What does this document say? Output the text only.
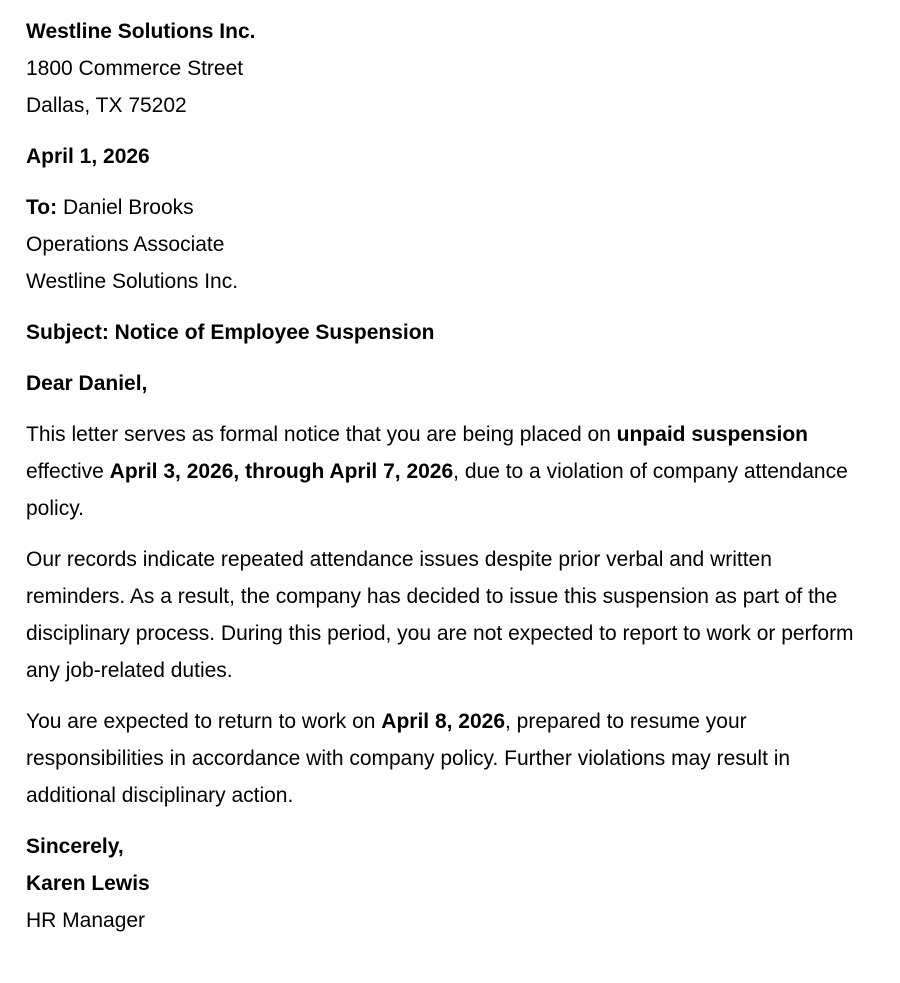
Westline Solutions Inc.
1800 Commerce Street
Dallas, TX 75202
April 1, 2026
To: Daniel Brooks
Operations Associate
Westline Solutions Inc.
Subject: Notice of Employee Suspension
Dear Daniel,

This letter serves as formal notice that you are being placed on unpaid suspension effective April 3, 2026, through April 7, 2026, due to a violation of company attendance policy.

Our records indicate repeated attendance issues despite prior verbal and written reminders. As a result, the company has decided to issue this suspension as part of the disciplinary process. During this period, you are not expected to report to work or perform any job-related duties.

You are expected to return to work on April 8, 2026, prepared to resume your responsibilities in accordance with company policy. Further violations may result in additional disciplinary action.

Sincerely,
Karen Lewis
HR Manager
